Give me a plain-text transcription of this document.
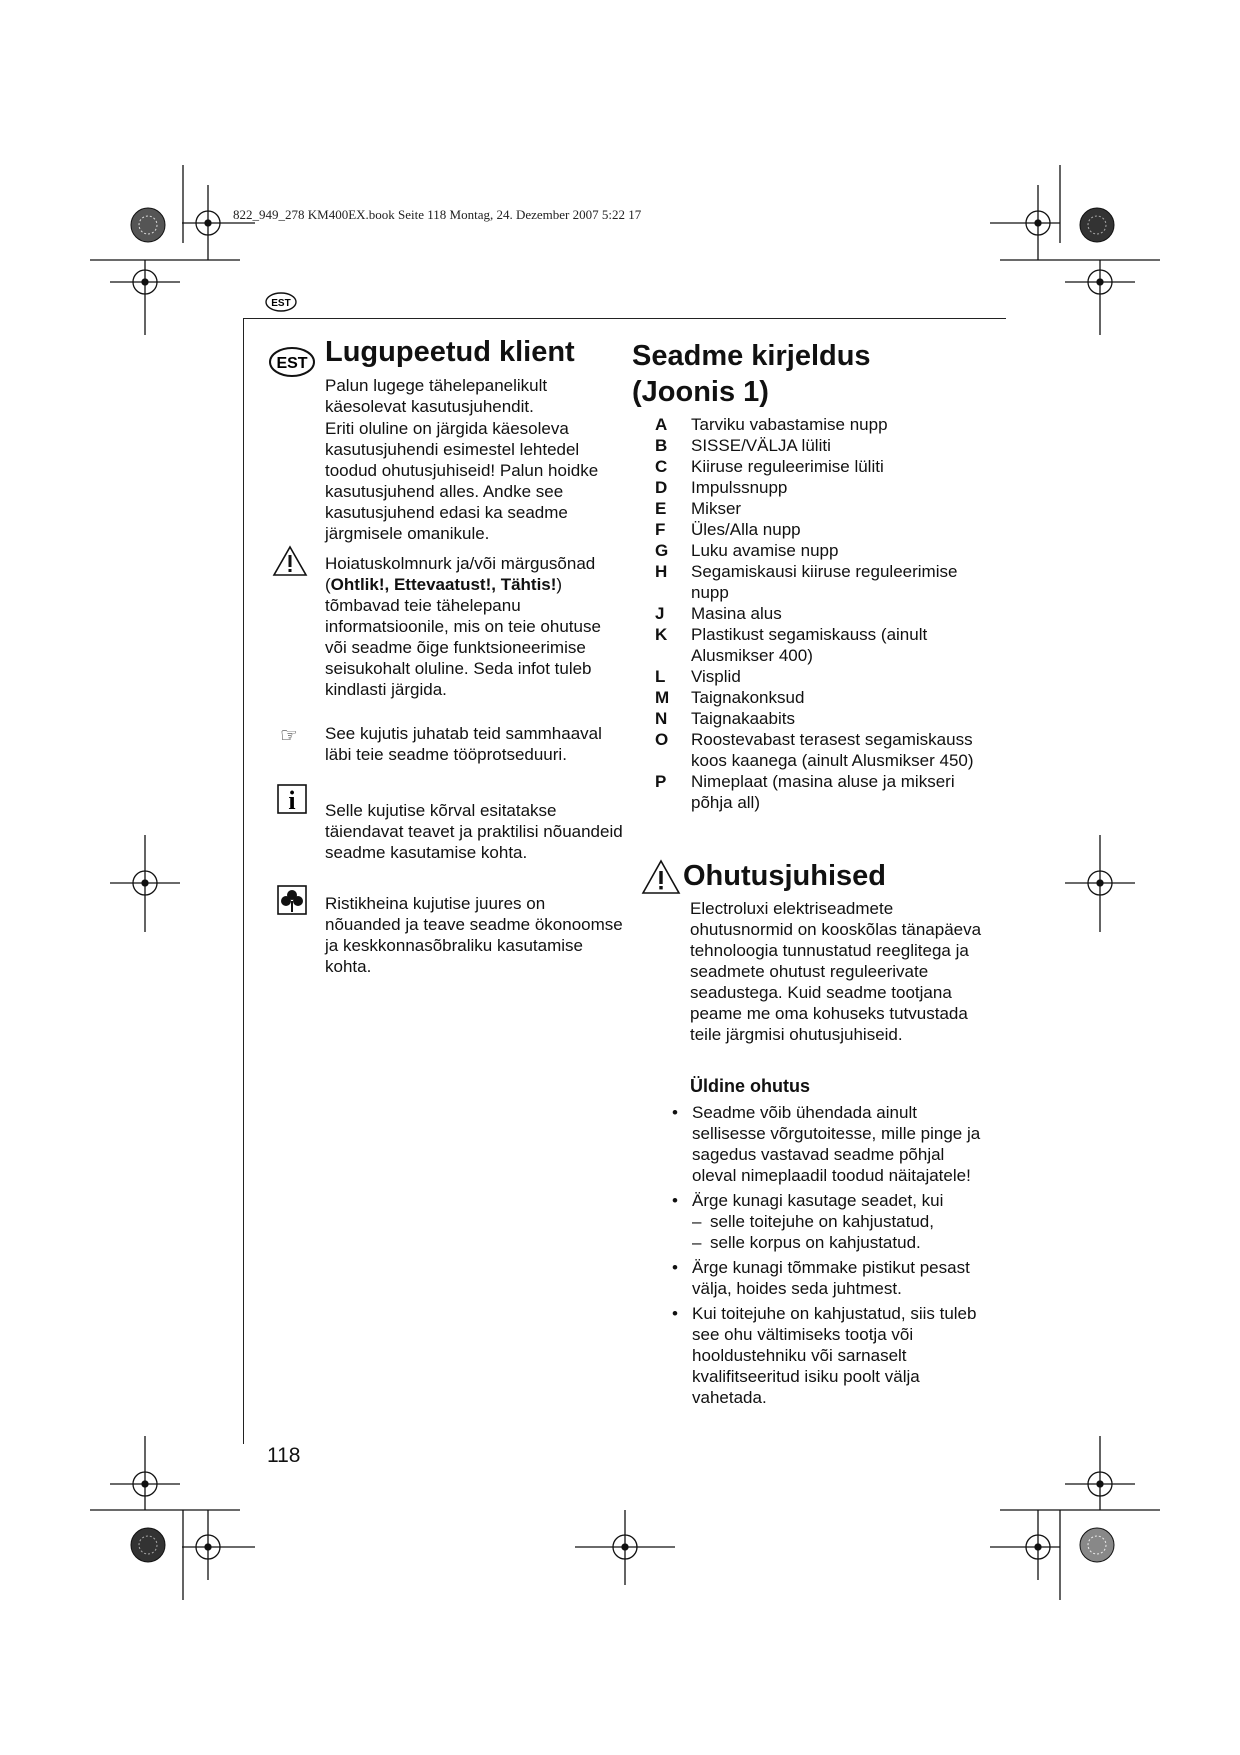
822_949_278 KM400EX.book Seite 118 Montag, 24. Dezember 2007 5:22 17
EST
EST Lugupeetud klient

Palun lugege tähelepanelikult käesolevat kasutusjuhendit.

Eriti oluline on järgida käesoleva kasutusjuhendi esimestel lehtedel toodud ohutusjuhiseid! Palun hoidke kasutusjuhend alles. Andke see kasutusjuhend edasi ka seadme järgmisele omanikule.

Hoiatuskolmnurk ja/või märgusõnad (Ohtlik!, Ettevaatust!, Tähtis!) tõmbavad teie tähelepanu informatsioonile, mis on teie ohutuse või seadme õige funktsioneerimise seisukohalt oluline. Seda infot tuleb kindlasti järgida.

☞ See kujutis juhatab teid sammhaaval läbi teie seadme tööprotseduuri.

i Selle kujutise kõrval esitatakse täiendavat teavet ja praktilisi nõuandeid seadme kasutamise kohta.

Ristikheina kujutise juures on nõuanded ja teave seadme ökonoomse ja keskkonnasõbraliku kasutamise kohta.

Seadme kirjeldus
(Joonis 1)
A	Tarviku vabastamise nupp
B	SISSE/VÄLJA lüliti
C	Kiiruse reguleerimise lüliti
D	Impulssnupp
E	Mikser
F	Üles/Alla nupp
G	Luku avamise nupp
H	Segamiskausi kiiruse reguleerimise nupp
J	Masina alus
K	Plastikust segamiskauss (ainult Alusmikser 400)
L	Visplid
M	Taignakonksud
N	Taignakaabits
O	Roostevabast terasest segamiskauss koos kaanega (ainult Alusmikser 450)
P	Nimeplaat (masina aluse ja mikseri põhja all)
Ohutusjuhised

Electroluxi elektriseadmete ohutusnormid on kooskõlas tänapäeva tehnoloogia tunnustatud reeglitega ja seadmete ohutust reguleerivate seadustega. Kuid seadme tootjana peame me oma kohuseks tutvustada teile järgmisi ohutusjuhiseid.

Üldine ohutus
• Seadme võib ühendada ainult sellisesse võrgutoitesse, mille pinge ja sagedus vastavad seadme põhjal oleval nimeplaadil toodud näitajatele!
• Ärge kunagi kasutage seadet, kui
– selle toitejuhe on kahjustatud,
– selle korpus on kahjustatud.
• Ärge kunagi tõmmake pistikut pesast välja, hoides seda juhtmest.
• Kui toitejuhe on kahjustatud, siis tuleb see ohu vältimiseks tootja või hooldustehniku või sarnaselt kvalifitseeritud isiku poolt välja vahetada.
118
